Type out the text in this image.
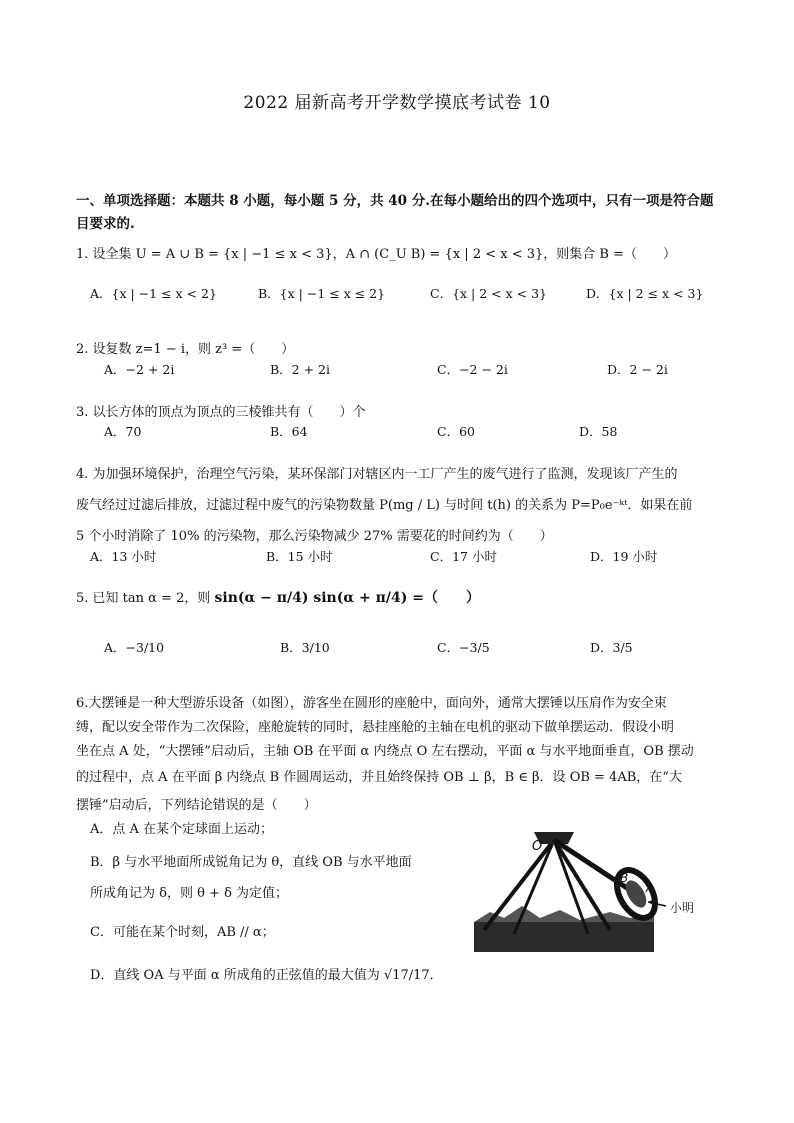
2022 届新高考开学数学摸底考试卷 10
一、单项选择题：本题共 8 小题，每小题 5 分，共 40 分.在每小题给出的四个选项中，只有一项是符合题目要求的.
1. 设全集 U = A ∪ B = {x | −1 ≤ x < 3}，A ∩ (C_U B) = {x | 2 < x < 3}，则集合 B =（　　）
A．{x | −1 ≤ x < 2}	B．{x | −1 ≤ x ≤ 2}	C．{x | 2 < x < 3}	D．{x | 2 ≤ x < 3}
2. 设复数 z=1 − i，则 z³ =（　　）
A．−2 + 2i	B．2 + 2i	C．−2 − 2i	D．2 − 2i
3. 以长方体的顶点为顶点的三棱锥共有（　　）个
A．70	B．64	C．60	D．58
4. 为加强环境保护，治理空气污染，某环保部门对辖区内一工厂产生的废气进行了监测，发现该厂产生的
废气经过过滤后排放，过滤过程中废气的污染物数量 P(mg / L) 与时间 t(h) 的关系为 P=P₀e⁻ᵏᵗ．如果在前
5 个小时消除了 10% 的污染物，那么污染物减少 27% 需要花的时间约为（　　）
A．13 小时	B．15 小时	C．17 小时	D．19 小时
5. 已知 tan α = 2，则 sin(α − π/4) sin(α + π/4) =（　　）
A．−3/10	B．3/10	C．−3/5	D．3/5
6.大摆锤是一种大型游乐设备（如图），游客坐在圆形的座舱中，面向外，通常大摆锤以压肩作为安全束
缚，配以安全带作为二次保险，座舱旋转的同时，悬挂座舱的主轴在电机的驱动下做单摆运动．假设小明
坐在点 A 处，“大摆锤”启动后，主轴 OB 在平面 α 内绕点 O 左右摆动，平面 α 与水平地面垂直，OB 摆动
的过程中，点 A 在平面 β 内绕点 B 作圆周运动，并且始终保持 OB ⊥ β，B ∈ β．设 OB = 4AB，在“大
摆锤”启动后，下列结论错误的是（　　）
A．点 A 在某个定球面上运动；
B．β 与水平地面所成锐角记为 θ，直线 OB 与水平地面
所成角记为 δ，则 θ + δ 为定值；
C．可能在某个时刻，AB // α；
D．直线 OA 与平面 α 所成角的正弦值的最大值为 √17/17．
O
B
A
小明
